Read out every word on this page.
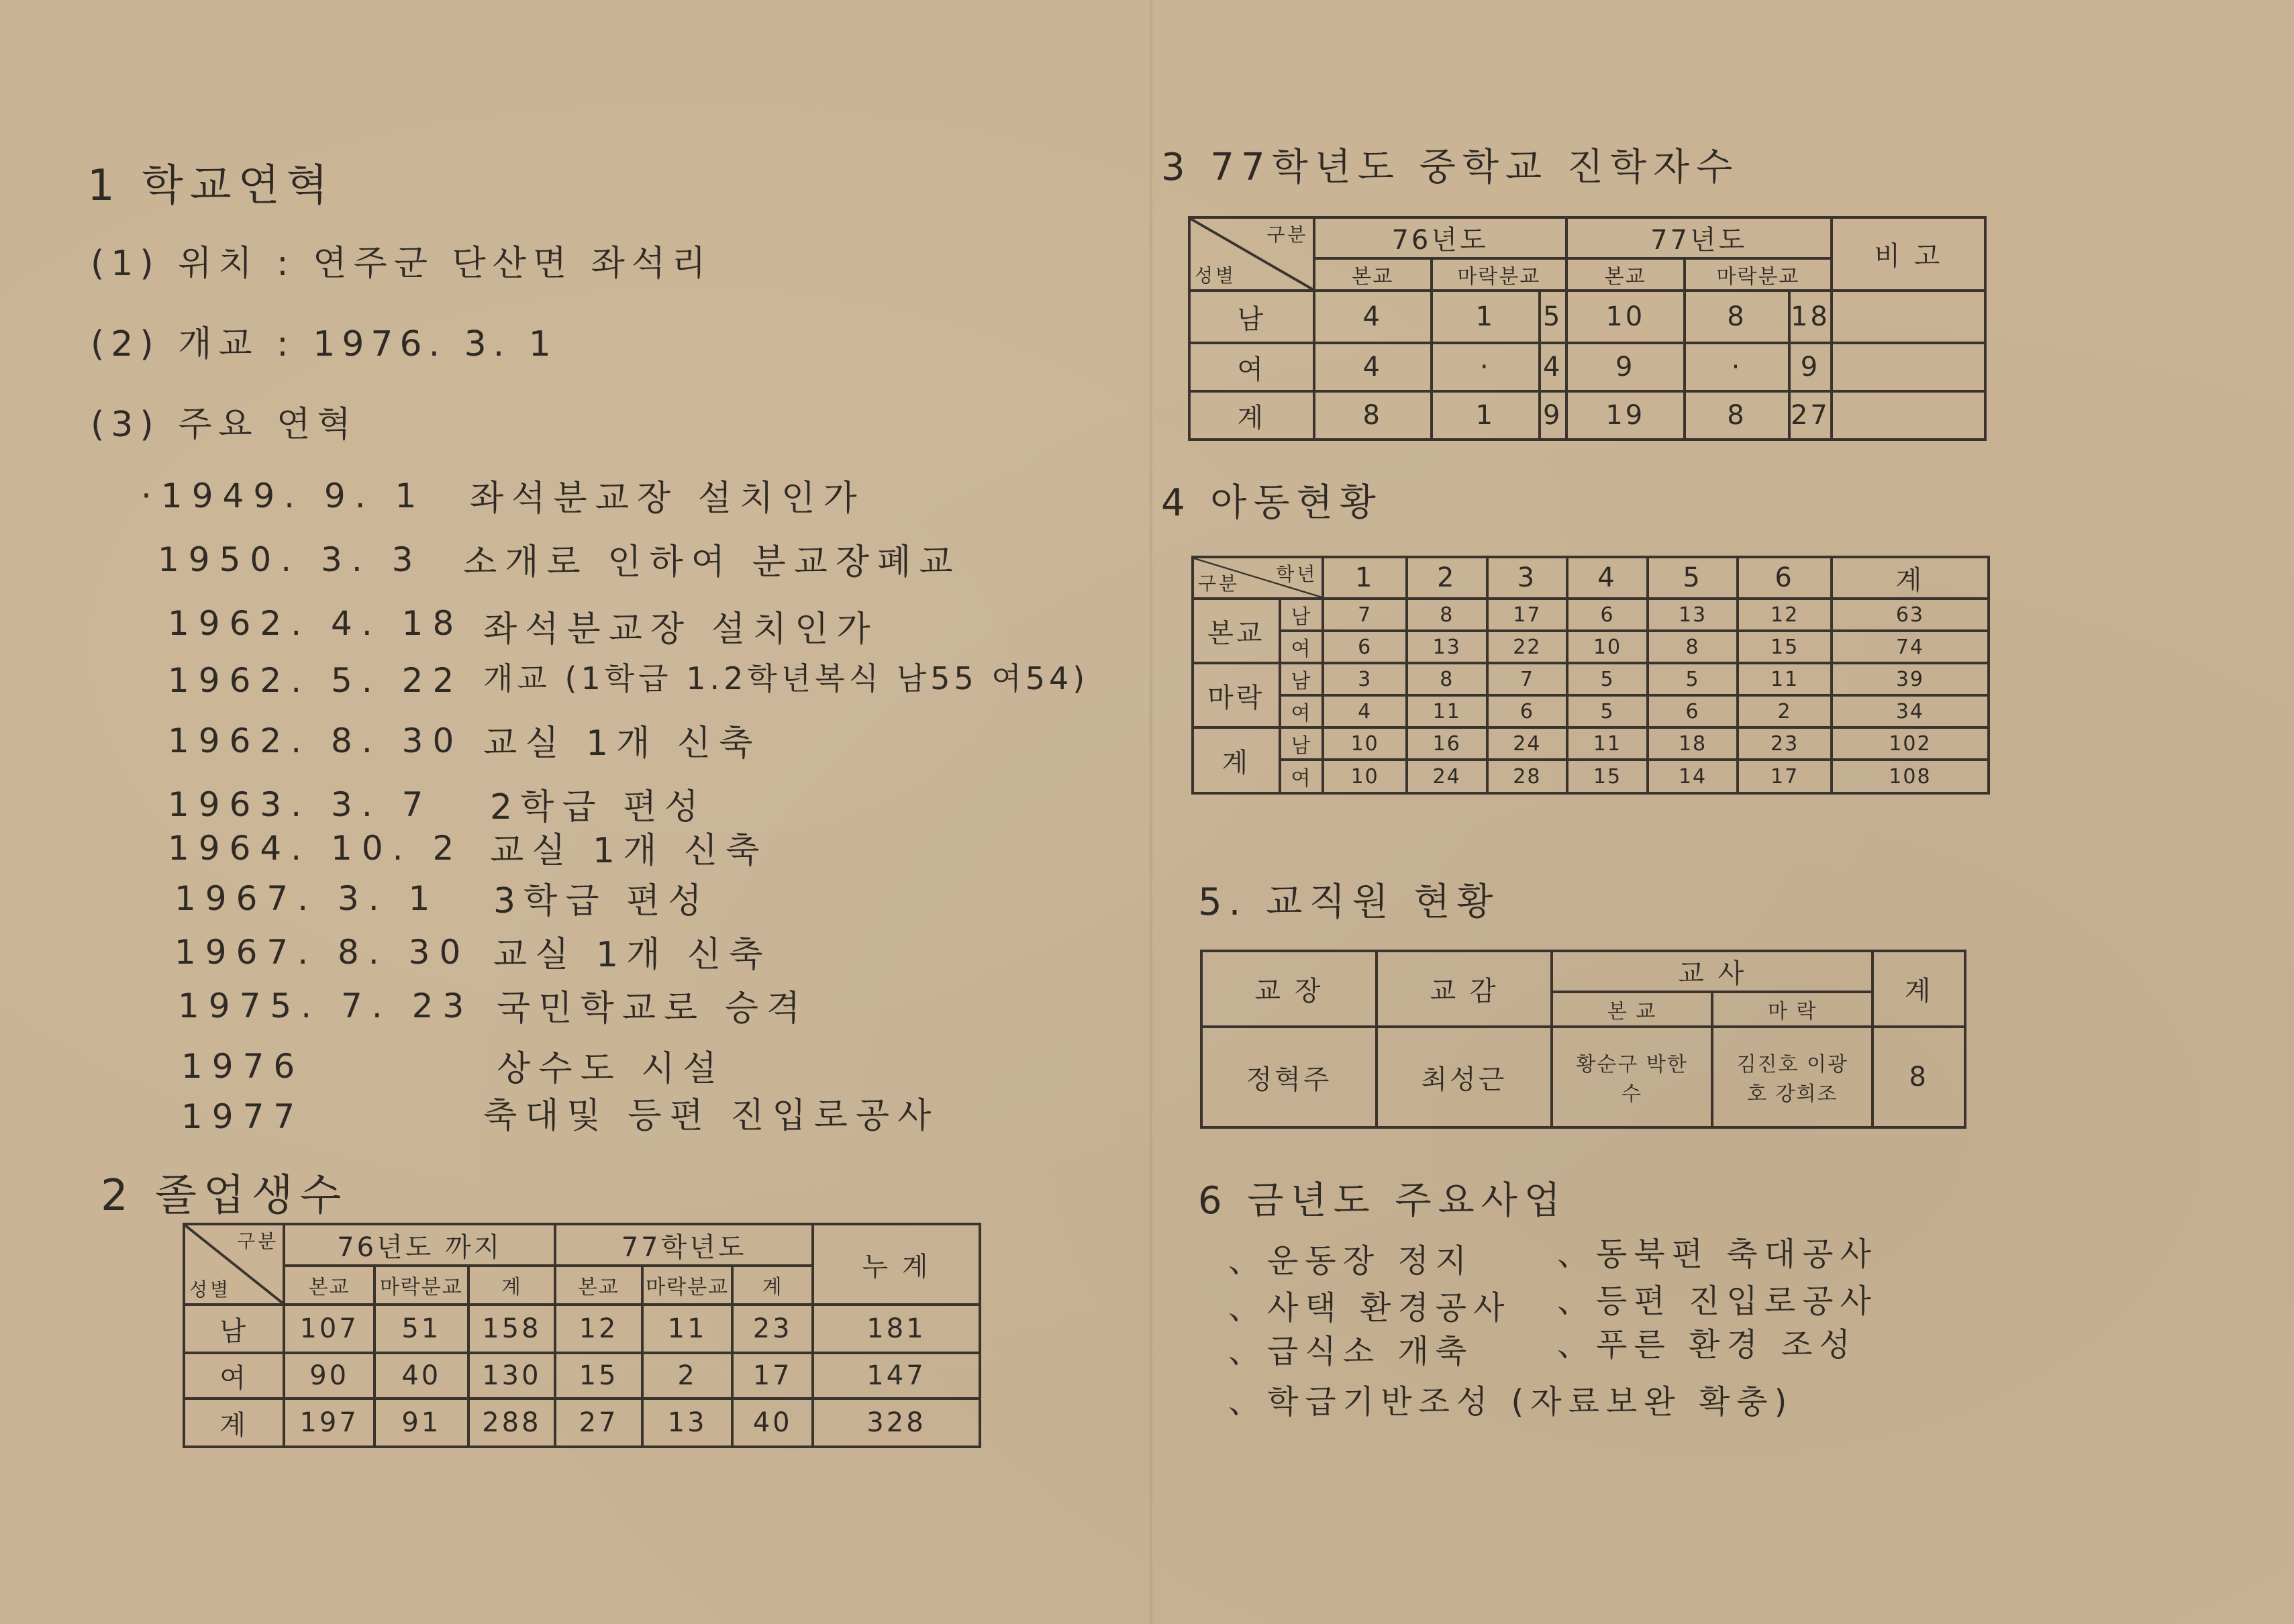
1 학교연혁
(1) 위치 : 연주군 단산면 좌석리
(2) 개교 : 1976. 3. 1
(3) 주요 연혁
·1949. 9. 1 좌석분교장 설치인가
1950. 3. 3 소개로 인하여 분교장폐교
1962. 4. 18 좌석분교장 설치인가
1962. 5. 22 개교 (1학급 1.2학년복식 남55 여54)
1962. 8. 30 교실 1개 신축
1963. 3. 7 2학급 편성
1964. 10. 2 교실 1개 신축
1967. 3. 1 3학급 편성
1967. 8. 30 교실 1개 신축
1975. 7. 23 국민학교로 승격
1976	상수도 시설
1977	축대및 등편 진입로공사
2 졸업생수
구분
성별	76년도 까지			77학년도			누 계
	본교	마락분교	계	본교	마락분교	계	
남	107	51	158	12	11	23	181
여	90	40	130	15	2	17	147
계	197	91	288	27	13	40	328
3 77학년도 중학교 진학자수
구분
성별	76년도			77년도			비 고
	본교	마락분교		본교	마락분교		
남	4	1	5	10	8	18	
여	4	·	4	9	·	9	
계	8	1	9	19	8	27	
4 아동현황
학년
구분		1	2	3	4	5	6	계
본교	남	7	8	17	6	13	12	63
	여	6	13	22	10	8	15	74
마락	남	3	8	7	5	5	11	39
	여	4	11	6	5	6	2	34
계	남	10	16	24	11	18	23	102
	여	10	24	28	15	14	17	108
5. 교직원 현황
교 장	교 감	교 사		계
		본 교	마 락	
정혁주	최성근	황순구 박한수	김진호 이광호 강희조	8
6 금년도 주요사업
、운동장 정지
、사택 환경공사
、급식소 개축
、학급기반조성 (자료보완 확충)
、동북편 축대공사
、등편 진입로공사
、푸른 환경 조성
